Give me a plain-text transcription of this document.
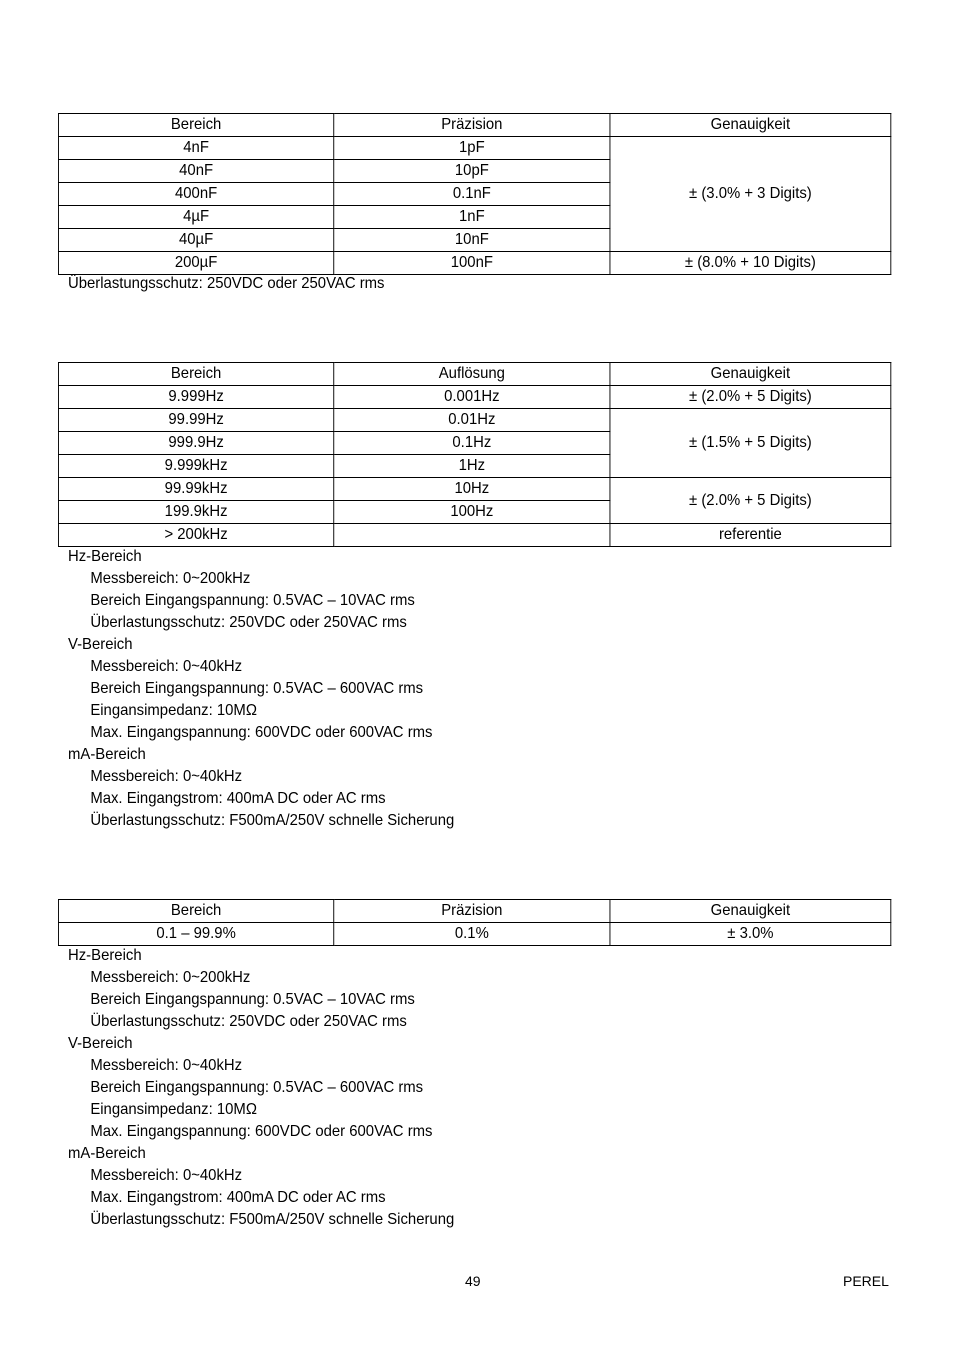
Bereich	Präzision	Genauigkeit
4nF	1pF	± (3.0% + 3 Digits)
40nF	10pF	
400nF	0.1nF	
4µF	1nF	
40µF	10nF	
200µF	100nF	± (8.0% + 10 Digits)
Überlastungsschutz: 250VDC oder 250VAC rms
Bereich	Auflösung	Genauigkeit
9.999Hz	0.001Hz	± (2.0% + 5 Digits)
99.99Hz	0.01Hz	± (1.5% + 5 Digits)
999.9Hz	0.1Hz	
9.999kHz	1Hz	
99.99kHz	10Hz	± (2.0% + 5 Digits)
199.9kHz	100Hz	
> 200kHz		referentie
Hz-Bereich
Messbereich: 0~200kHz
Bereich Eingangspannung: 0.5VAC – 10VAC rms
Überlastungsschutz: 250VDC oder 250VAC rms
V-Bereich
Messbereich: 0~40kHz
Bereich Eingangspannung: 0.5VAC – 600VAC rms
Eingansimpedanz: 10MΩ
Max. Eingangspannung: 600VDC oder 600VAC rms
mA-Bereich
Messbereich: 0~40kHz
Max. Eingangstrom: 400mA DC oder AC rms
Überlastungsschutz: F500mA/250V schnelle Sicherung
Bereich	Präzision	Genauigkeit
0.1 – 99.9%	0.1%	± 3.0%
Hz-Bereich
Messbereich: 0~200kHz
Bereich Eingangspannung: 0.5VAC – 10VAC rms
Überlastungsschutz: 250VDC oder 250VAC rms
V-Bereich
Messbereich: 0~40kHz
Bereich Eingangspannung: 0.5VAC – 600VAC rms
Eingansimpedanz: 10MΩ
Max. Eingangspannung: 600VDC oder 600VAC rms
mA-Bereich
Messbereich: 0~40kHz
Max. Eingangstrom: 400mA DC oder AC rms
Überlastungsschutz: F500mA/250V schnelle Sicherung
49	PEREL
